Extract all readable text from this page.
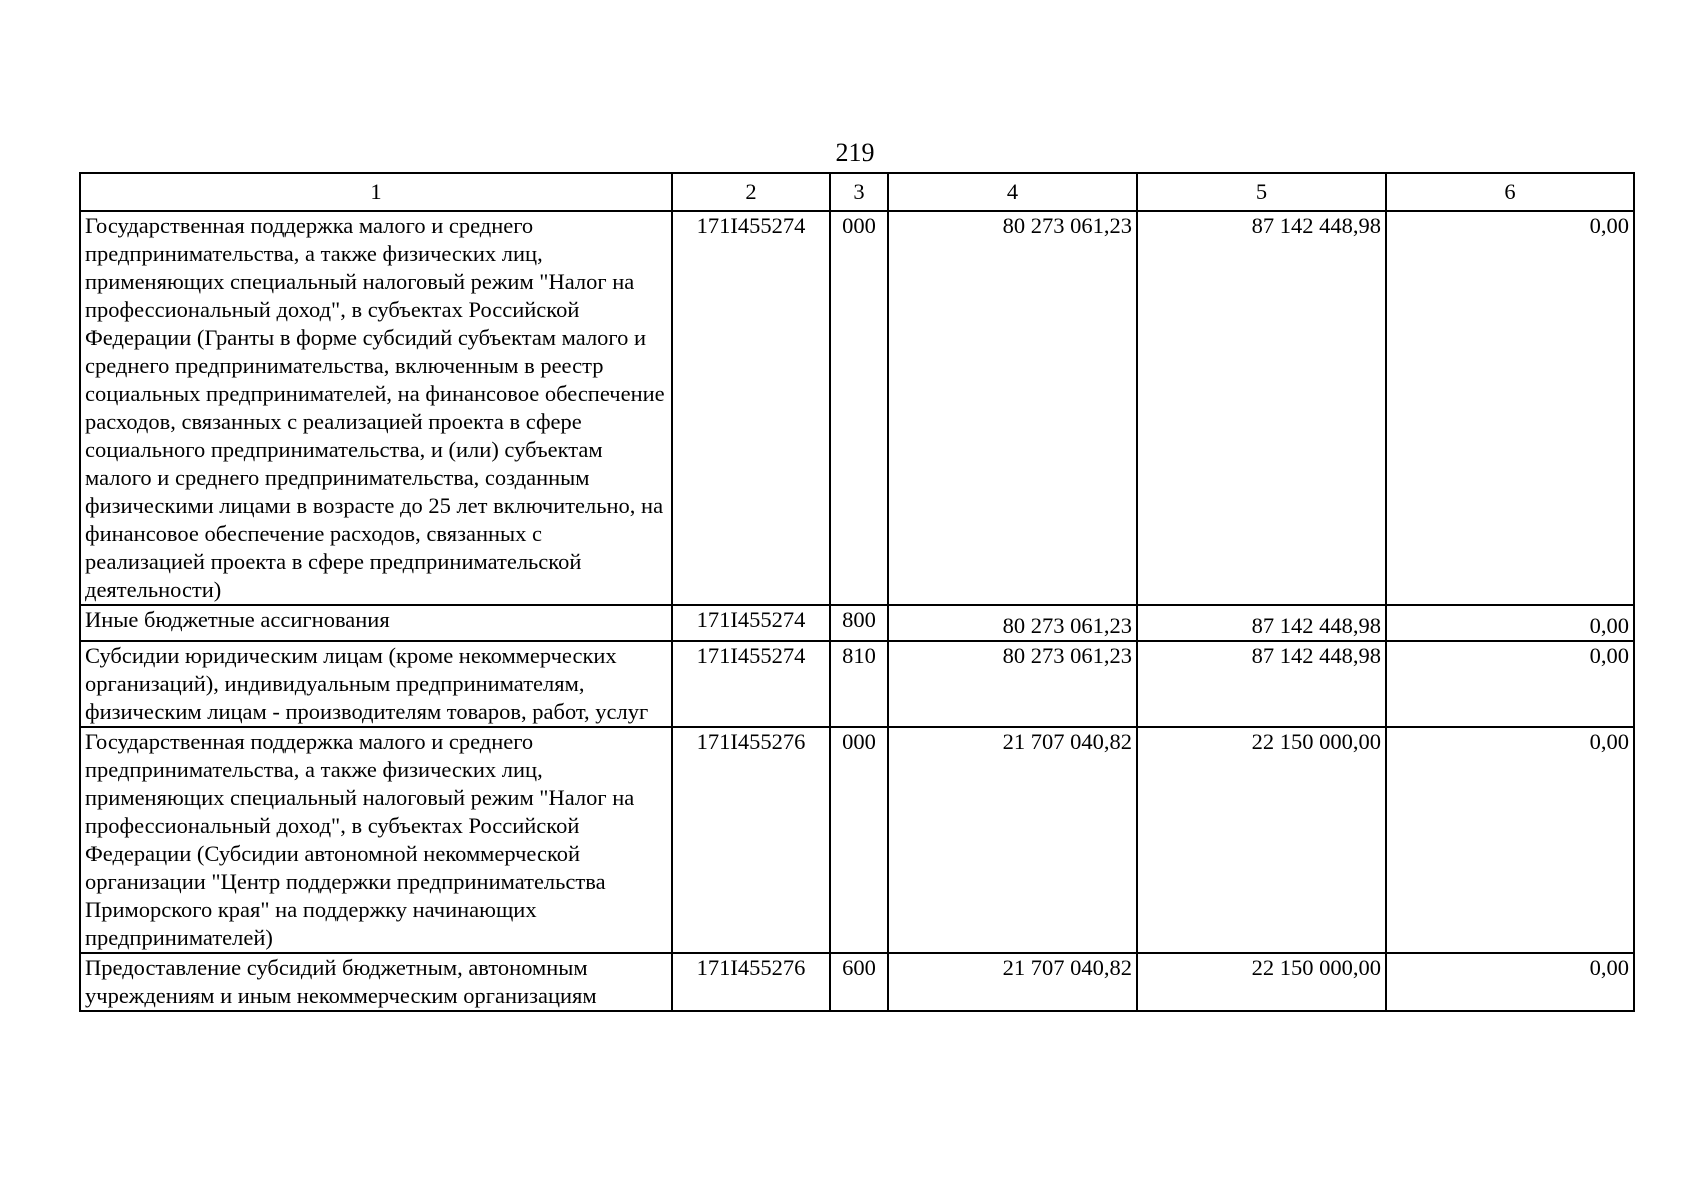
219
1	2	3	4	5	6
Государственная поддержка малого и среднего предпринимательства, а также физических лиц, применяющих специальный налоговый режим "Налог на профессиональный доход", в субъектах Российской Федерации (Гранты в форме субсидий субъектам малого и среднего предпринимательства, включенным в реестр социальных предпринимателей, на финансовое обеспечение расходов, связанных с реализацией проекта в сфере социального предпринимательства, и (или) субъектам малого и среднего предпринимательства, созданным физическими лицами в возрасте до 25 лет включительно, на финансовое обеспечение расходов, связанных с реализацией проекта в сфере предпринимательской деятельности)	171I455274	000	80 273 061,23	87 142 448,98	0,00
Иные бюджетные ассигнования	171I455274	800	80 273 061,23	87 142 448,98	0,00
Субсидии юридическим лицам (кроме некоммерческих организаций), индивидуальным предпринимателям, физическим лицам - производителям товаров, работ, услуг	171I455274	810	80 273 061,23	87 142 448,98	0,00
Государственная поддержка малого и среднего предпринимательства, а также физических лиц, применяющих специальный налоговый режим "Налог на профессиональный доход", в субъектах Российской Федерации (Субсидии автономной некоммерческой организации "Центр поддержки предпринимательства Приморского края" на поддержку начинающих предпринимателей)	171I455276	000	21 707 040,82	22 150 000,00	0,00
Предоставление субсидий бюджетным, автономным учреждениям и иным некоммерческим организациям	171I455276	600	21 707 040,82	22 150 000,00	0,00
